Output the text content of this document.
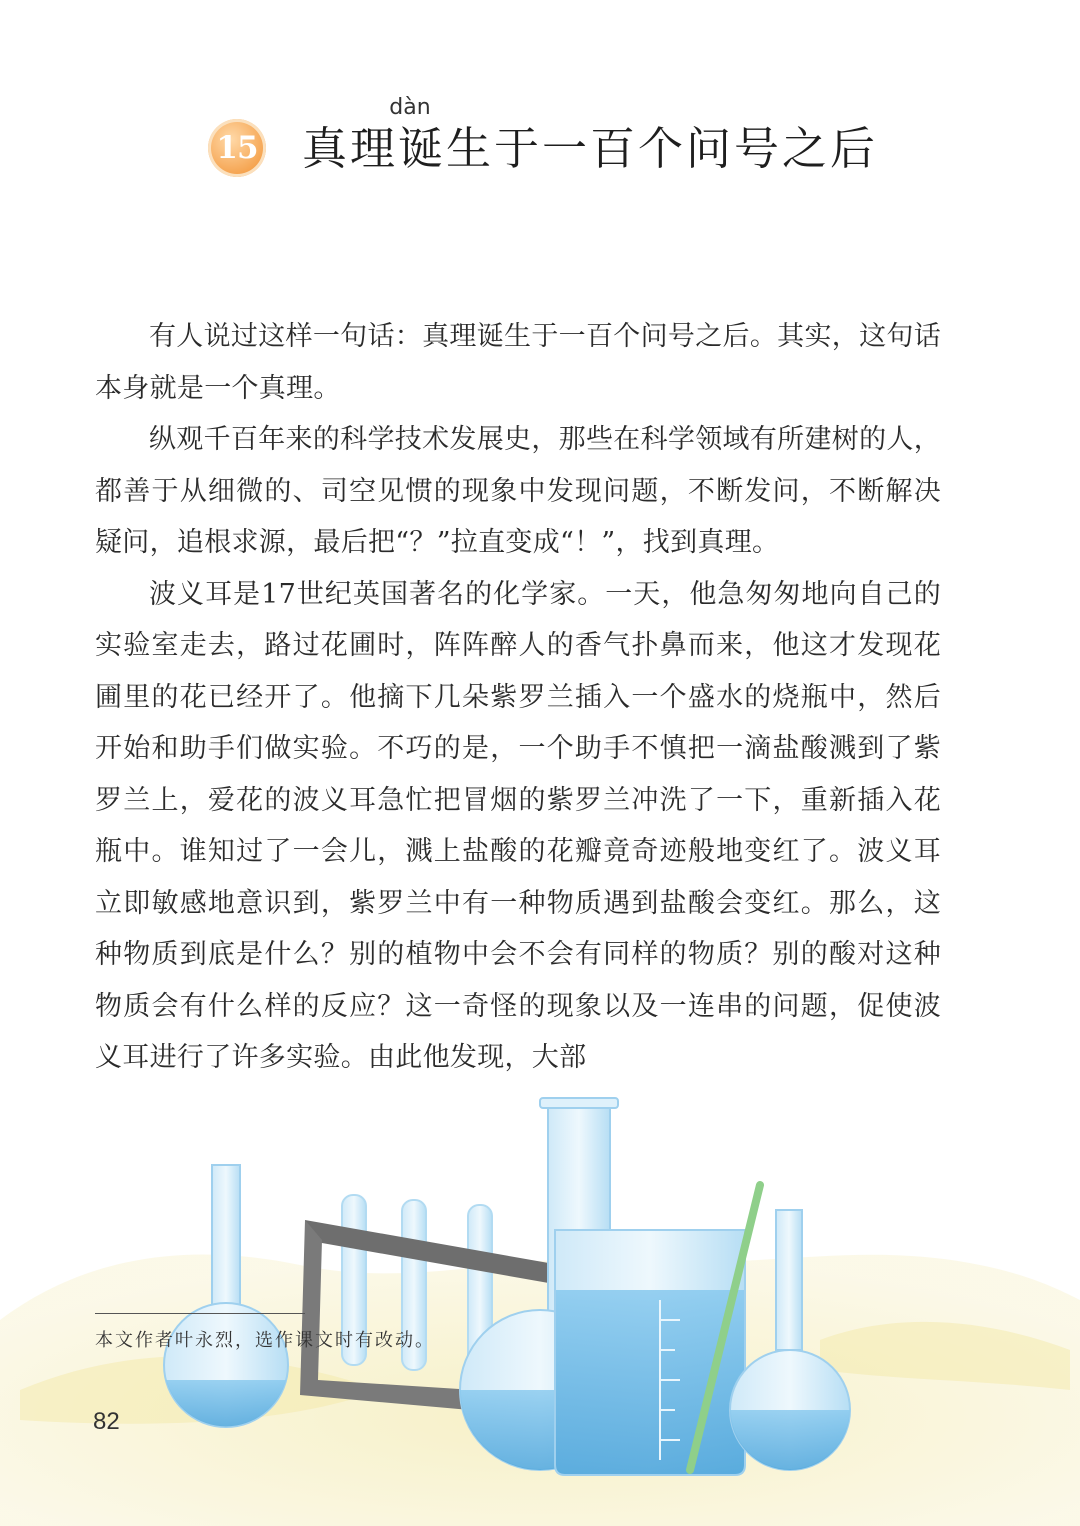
15
dàn
真理诞生于一百个问号之后

有人说过这样一句话：真理诞生于一百个问号之后。其实，这句话本身就是一个真理。

纵观千百年来的科学技术发展史，那些在科学领域有所建树的人，都善于从细微的、司空见惯的现象中发现问题，不断发问，不断解决疑问，追根求源，最后把“？”拉直变成“！”，找到真理。

波义耳是17世纪英国著名的化学家。一天，他急匆匆地向自己的实验室走去，路过花圃时，阵阵醉人的香气扑鼻而来，他这才发现花圃里的花已经开了。他摘下几朵紫罗兰插入一个盛水的烧瓶中，然后开始和助手们做实验。不巧的是，一个助手不慎把一滴盐酸溅到了紫罗兰上，爱花的波义耳急忙把冒烟的紫罗兰冲洗了一下，重新插入花瓶中。谁知过了一会儿，溅上盐酸的花瓣竟奇迹般地变红了。波义耳立即敏感地意识到，紫罗兰中有一种物质遇到盐酸会变红。那么，这种物质到底是什么？别的植物中会不会有同样的物质？别的酸对这种物质会有什么样的反应？这一奇怪的现象以及一连串的问题，促使波义耳进行了许多实验。由此他发现，大部

本文作者叶永烈，选作课文时有改动。
82
